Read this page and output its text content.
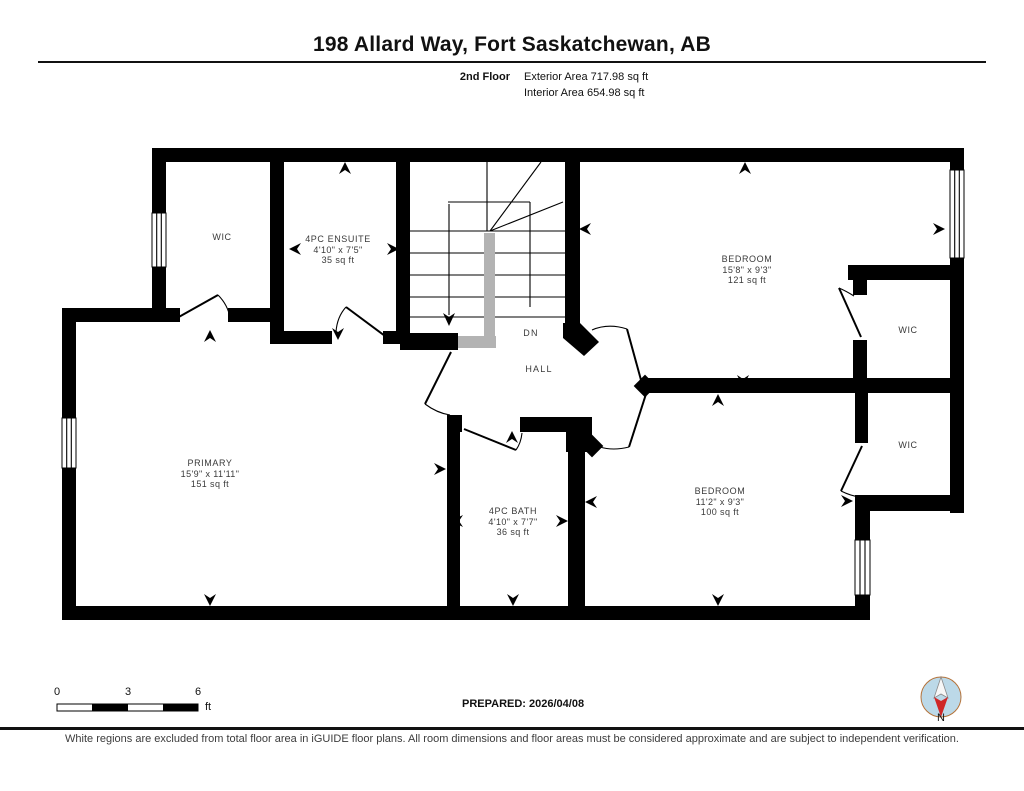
198 Allard Way, Fort Saskatchewan, AB
2nd Floor Exterior Area 717.98 sq ft
Interior Area 654.98 sq ft
WIC	4PC ENSUITE
4'10" x 7'5"
35 sq ft	BEDROOM
15'8" x 9'3"
121 sq ft
WIC
WIC
PRIMARY
15'9" x 11'11"
151 sq ft
4PC BATH
4'10" x 7'7"
36 sq ft
BEDROOM
11'2" x 9'3"
100 sq ft
DN
HALL
0	3	6
ft	PREPARED: 2026/04/08
N
White regions are excluded from total floor area in iGUIDE floor plans. All room dimensions and floor areas must be considered approximate and are subject to independent verification.
